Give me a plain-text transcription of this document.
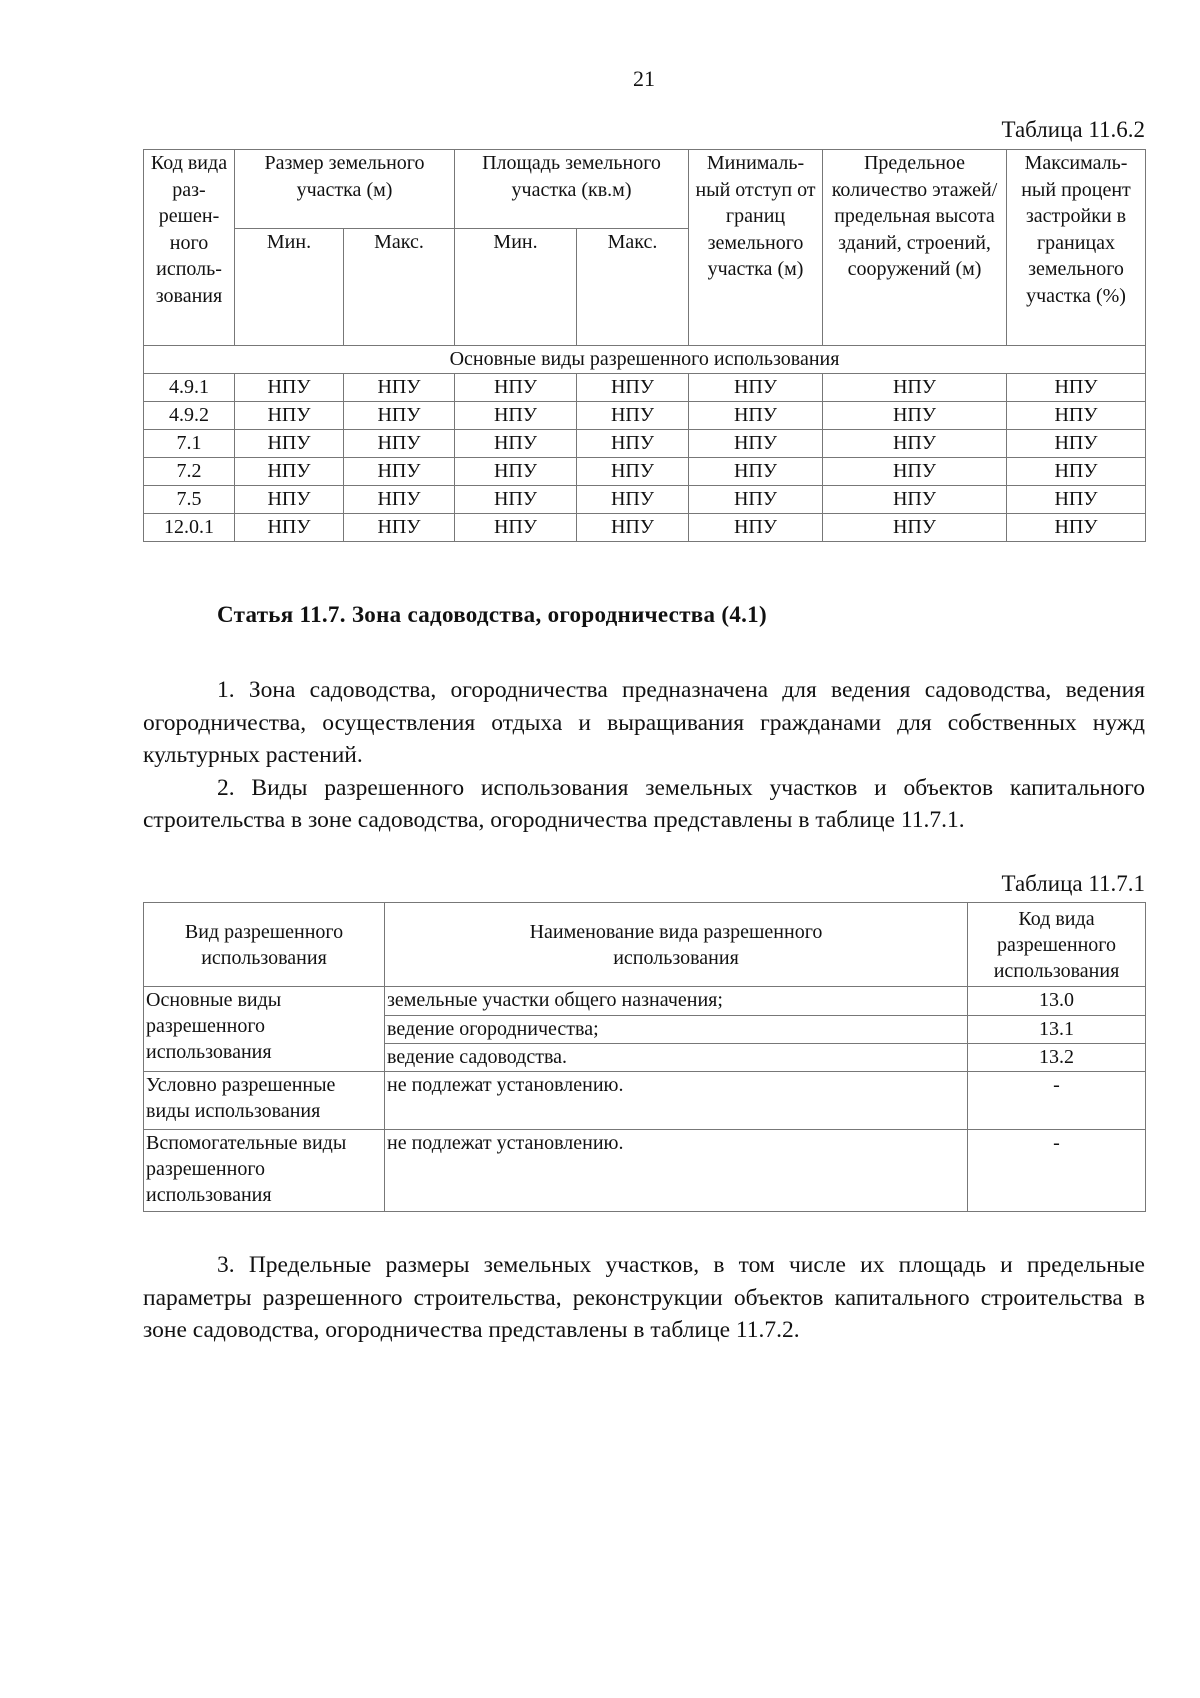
21
Таблица 11.6.2
Код вида раз-решен-ного исполь-зования	Размер земельного участка (м)		Площадь земельного участка (кв.м)		Минималь-ный отступ от границ земельного участка (м)	Предельное количество этажей/ предельная высота зданий, строений, сооружений (м)	Максималь-ный процент застройки в границах земельного участка (%)
	Мин.	Макс.	Мин.	Макс.			
Основные виды разрешенного использования							
4.9.1	НПУ	НПУ	НПУ	НПУ	НПУ	НПУ	НПУ
4.9.2	НПУ	НПУ	НПУ	НПУ	НПУ	НПУ	НПУ
7.1	НПУ	НПУ	НПУ	НПУ	НПУ	НПУ	НПУ
7.2	НПУ	НПУ	НПУ	НПУ	НПУ	НПУ	НПУ
7.5	НПУ	НПУ	НПУ	НПУ	НПУ	НПУ	НПУ
12.0.1	НПУ	НПУ	НПУ	НПУ	НПУ	НПУ	НПУ
Статья 11.7. Зона садоводства, огородничества (4.1)

1. Зона садоводства, огородничества предназначена для ведения садоводства, ведения огородничества, осуществления отдыха и выращивания гражданами для собственных нужд культурных растений.

2. Виды разрешенного использования земельных участков и объектов капитального строительства в зоне садоводства, огородничества представлены в таблице 11.7.1.

Таблица 11.7.1
Вид разрешенного использования	Наименование вида разрешенного использования	Код вида разрешенного использования
Основные виды разрешенного использования	земельные участки общего назначения;	13.0
	ведение огородничества;	13.1
	ведение садоводства.	13.2
Условно разрешенные виды использования	не подлежат установлению.	-
Вспомогательные виды разрешенного использования	не подлежат установлению.	-

3. Предельные размеры земельных участков, в том числе их площадь и предельные параметры разрешенного строительства, реконструкции объектов капитального строительства в зоне садоводства, огородничества представлены в таблице 11.7.2.
